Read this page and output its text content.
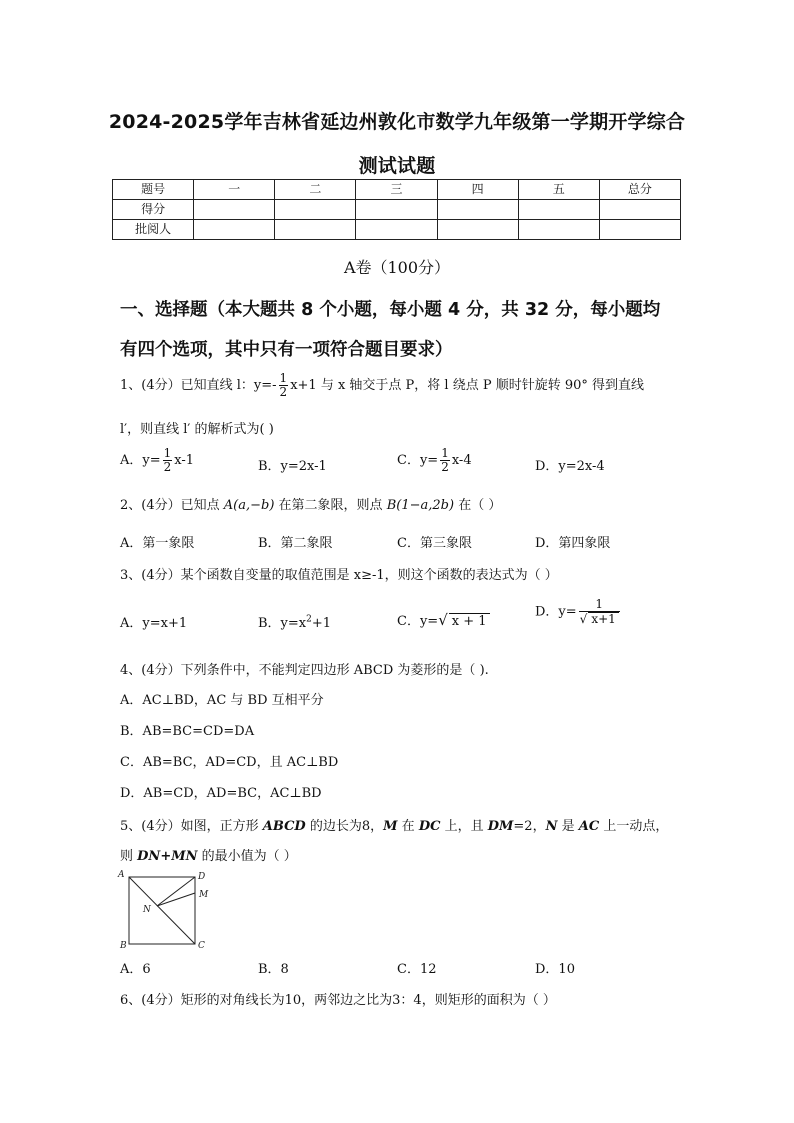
2024-2025学年吉林省延边州敦化市数学九年级第一学期开学综合
测试试题
题号	一	二	三	四	五	总分
得分						
批阅人						
A卷（100分）
一、选择题（本大题共 8 个小题，每小题 4 分，共 32 分，每小题均
有四个选项，其中只有一项符合题目要求）
1、(4分）已知直线 l：$y=- \frac{1}{2} x+1$ 与 x 轴交于点 P，将 l 绕点 P 顺时针旋转 90° 得到直线
l′，则直线 l′ 的解析式为( )
A．$y= \frac{1}{2} x-1$	B．y=2x-1	C．$y= \frac{1}{2} x-4$	D．y=2x-4
2、(4分）已知点 A(a,−b) 在第二象限，则点 B(1−a,2b) 在（ ）
A．第一象限	B．第二象限	C．第三象限	D．第四象限
3、(4分）某个函数自变量的取值范围是 x≥-1，则这个函数的表达式为（ ）
A．y=x+1	B．$y=x^2+1$	C．y=√ x + 1
D．$y= \frac{1}{√ x+1}$
4、(4分）下列条件中，不能判定四边形 ABCD 为菱形的是（ ).
A．AC⊥BD，AC 与 BD 互相平分
B．AB=BC=CD=DA
C．AB=BC，AD=CD，且 AC⊥BD
D．AB=CD，AD=BC，AC⊥BD
5、(4分）如图，正方形 ABCD 的边长为8，M 在 DC 上，且 DM=2，N 是 AC 上一动点，
则 DN+MN 的最小值为（ ）
A	D
M
N
B	C
A．6	B．8	C．12	D．10
6、(4分）矩形的对角线长为10，两邻边之比为3：4，则矩形的面积为（ ）
